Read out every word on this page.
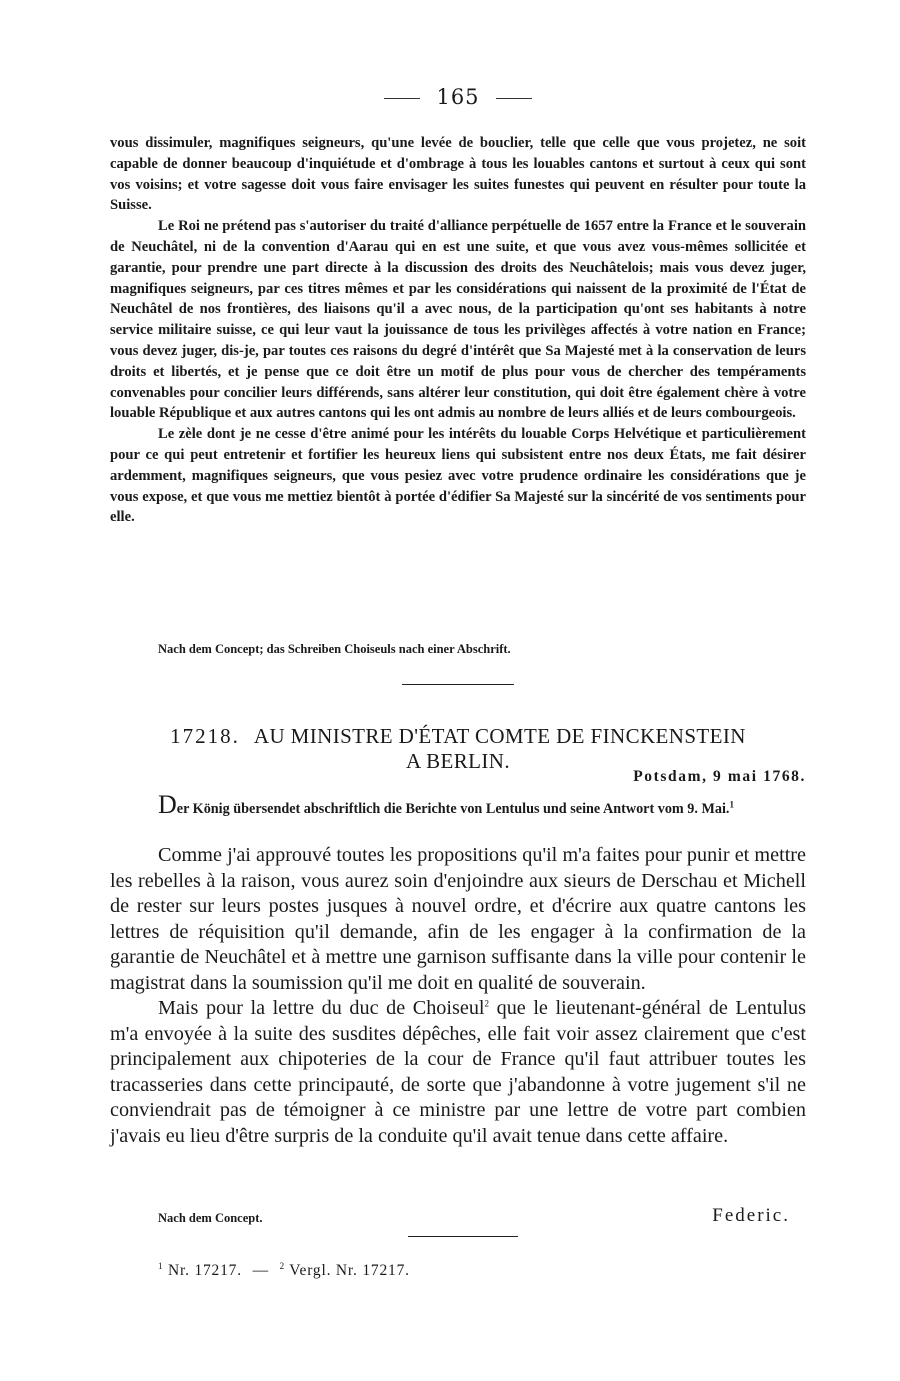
165

vous dissimuler, magnifiques seigneurs, qu'une levée de bouclier, telle que celle que vous projetez, ne soit capable de donner beaucoup d'inquiétude et d'ombrage à tous les louables cantons et surtout à ceux qui sont vos voisins; et votre sagesse doit vous faire envisager les suites funestes qui peuvent en résulter pour toute la Suisse.

Le Roi ne prétend pas s'autoriser du traité d'alliance perpétuelle de 1657 entre la France et le souverain de Neuchâtel, ni de la convention d'Aarau qui en est une suite, et que vous avez vous-mêmes sollicitée et garantie, pour prendre une part directe à la discussion des droits des Neuchâtelois; mais vous devez juger, magnifiques seigneurs, par ces titres mêmes et par les considérations qui naissent de la proximité de l'État de Neuchâtel de nos frontières, des liaisons qu'il a avec nous, de la participation qu'ont ses habitants à notre service militaire suisse, ce qui leur vaut la jouissance de tous les privilèges affectés à votre nation en France; vous devez juger, dis-je, par toutes ces raisons du degré d'intérêt que Sa Majesté met à la conservation de leurs droits et libertés, et je pense que ce doit être un motif de plus pour vous de chercher des tempéraments convenables pour concilier leurs différends, sans altérer leur constitution, qui doit être également chère à votre louable République et aux autres cantons qui les ont admis au nombre de leurs alliés et de leurs combourgeois.

Le zèle dont je ne cesse d'être animé pour les intérêts du louable Corps Helvétique et particulièrement pour ce qui peut entretenir et fortifier les heureux liens qui subsistent entre nos deux États, me fait désirer ardemment, magnifiques seigneurs, que vous pesiez avec votre prudence ordinaire les considérations que je vous expose, et que vous me mettiez bientôt à portée d'édifier Sa Majesté sur la sincérité de vos sentiments pour elle.

Nach dem Concept; das Schreiben Choiseuls nach einer Abschrift.
17218. AU MINISTRE D'ÉTAT COMTE DE FINCKENSTEIN
A BERLIN.
Potsdam, 9 mai 1768.

Der König übersendet abschriftlich die Berichte von Lentulus und seine Antwort vom 9. Mai.$^1$

Comme j'ai approuvé toutes les propositions qu'il m'a faites pour punir et mettre les rebelles à la raison, vous aurez soin d'enjoindre aux sieurs de Derschau et Michell de rester sur leurs postes jusques à nouvel ordre, et d'écrire aux quatre cantons les lettres de réquisition qu'il demande, afin de les engager à la confirmation de la garantie de Neuchâtel et à mettre une garnison suffisante dans la ville pour contenir le magistrat dans la soumission qu'il me doit en qualité de souverain.

Mais pour la lettre du duc de Choiseul$^2$ que le lieutenant-général de Lentulus m'a envoyée à la suite des susdites dépêches, elle fait voir assez clairement que c'est principalement aux chipoteries de la cour de France qu'il faut attribuer toutes les tracasseries dans cette principauté, de sorte que j'abandonne à votre jugement s'il ne conviendrait pas de témoigner à ce ministre par une lettre de votre part combien j'avais eu lieu d'être surpris de la conduite qu'il avait tenue dans cette affaire.

Nach dem Concept.	Federic.
$^1$ Nr. 17217. — $^2$ Vergl. Nr. 17217.
